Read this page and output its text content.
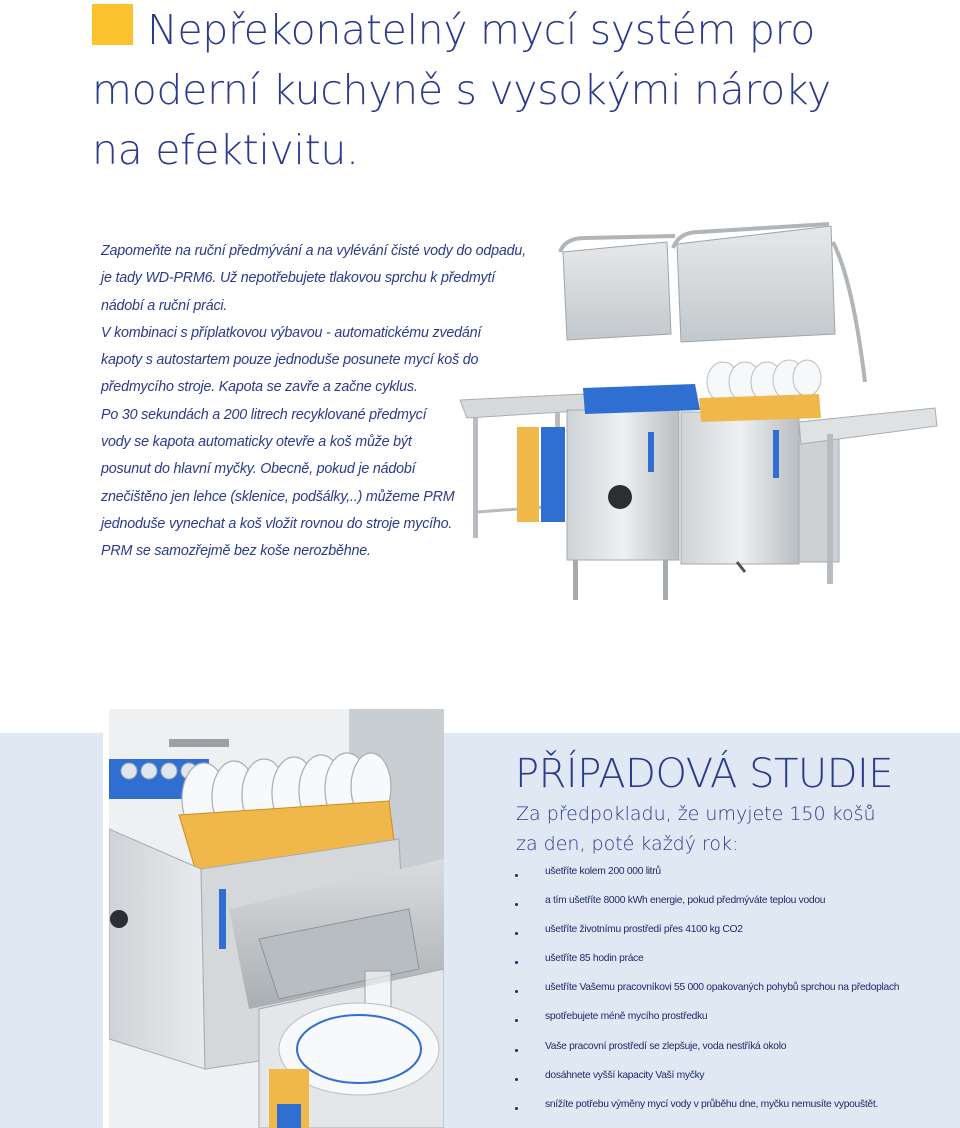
Nepřekonatelný mycí systém pro
moderní kuchyně s vysokými nároky
na efektivitu.
Zapomeňte na ruční předmývání a na vylévání čisté vody do odpadu,
je tady WD-PRM6. Už nepotřebujete tlakovou sprchu k předmytí
nádobí a ruční práci.
V kombinaci s příplatkovou výbavou - automatickému zvedání
kapoty s autostartem pouze jednoduše posunete mycí koš do
předmycího stroje. Kapota se zavře a začne cyklus.
Po 30 sekundách a 200 litrech recyklované předmycí
vody se kapota automaticky otevře a koš může být
posunut do hlavní myčky. Obecně, pokud je nádobí
znečištěno jen lehce (sklenice, podšálky,..) můžeme PRM
jednoduše vynechat a koš vložit rovnou do stroje mycího.
PRM se samozřejmě bez koše nerozběhne.
PŘÍPADOVÁ STUDIE
Za předpokladu, že umyjete 150 košů
za den, poté každý rok:
ušetříte kolem 200 000 litrů
a tím ušetříte 8000 kWh energie, pokud předmýváte teplou vodou
ušetříte životnímu prostředí přes 4100 kg CO2
ušetříte 85 hodin práce
ušetříte Vašemu pracovníkovi 55 000 opakovaných pohybů sprchou na předoplach
spotřebujete méně mycího prostředku
Vaše pracovní prostředí se zlepšuje, voda nestříká okolo
dosáhnete vyšší kapacity Vaší myčky
snížíte potřebu výměny mycí vody v průběhu dne, myčku nemusíte vypouštět.
